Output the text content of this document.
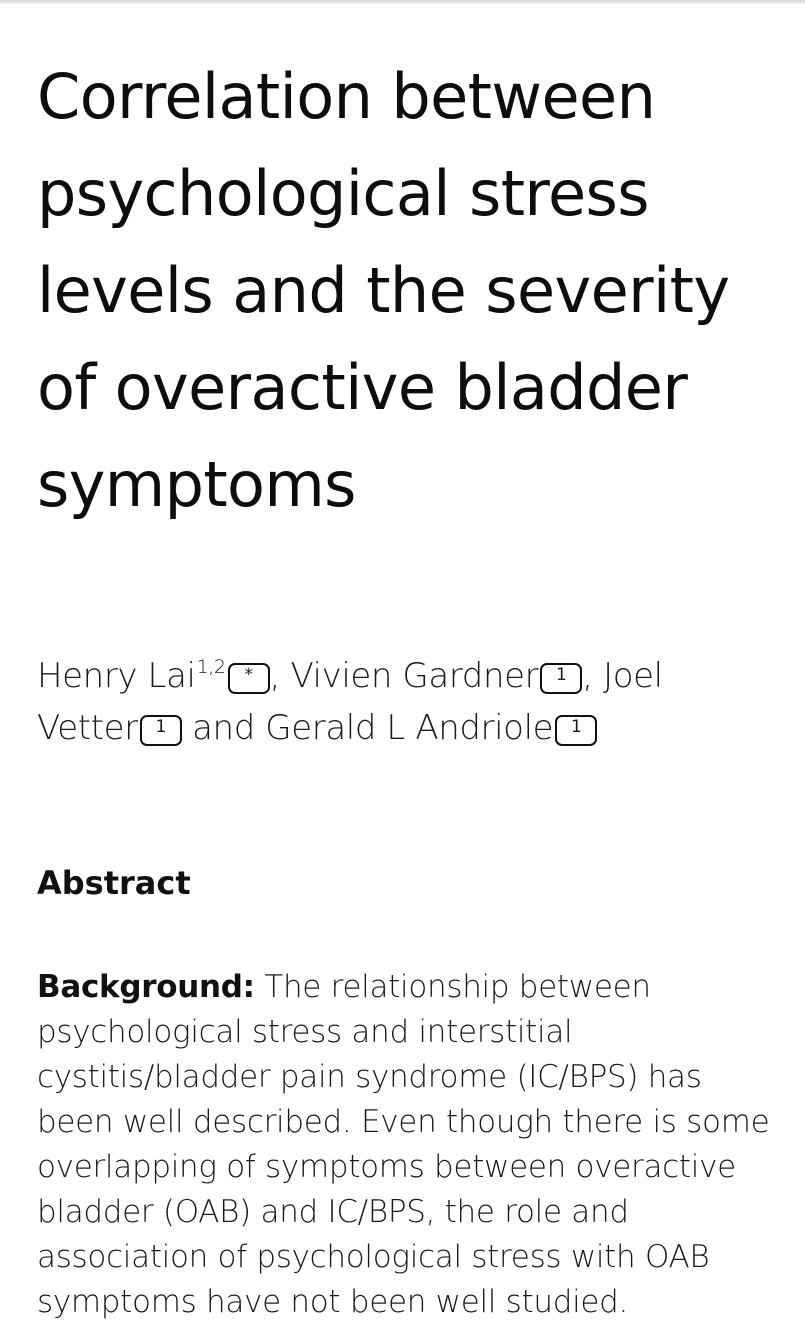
Correlation between psychological stress levels and the severity of overactive bladder symptoms

Henry Lai$^{1,2}$ * , Vivien Gardner 1 , Joel Vetter 1 and Gerald L Andriole 1

Abstract

Background: The relationship between psychological stress and interstitial cystitis/bladder pain syndrome (IC/BPS) has been well described. Even though there is some overlapping of symptoms between overactive bladder (OAB) and IC/BPS, the role and association of psychological stress with OAB symptoms have not been well studied.
